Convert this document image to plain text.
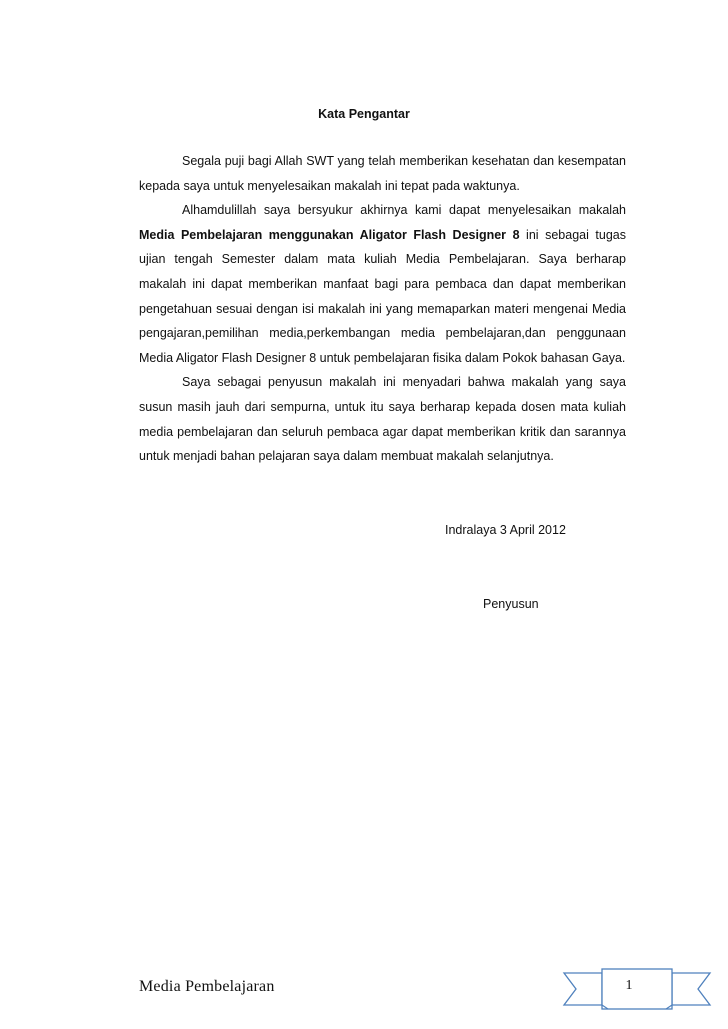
Kata Pengantar

Segala puji bagi Allah SWT yang telah memberikan kesehatan dan kesempatan kepada saya untuk menyelesaikan makalah ini tepat pada waktunya.

Alhamdulillah saya bersyukur akhirnya kami dapat menyelesaikan makalah Media Pembelajaran menggunakan Aligator Flash Designer 8 ini sebagai tugas ujian tengah Semester dalam mata kuliah Media Pembelajaran. Saya berharap makalah ini dapat memberikan manfaat bagi para pembaca dan dapat memberikan pengetahuan sesuai dengan isi makalah ini yang memaparkan materi mengenai Media pengajaran,pemilihan media,perkembangan media pembelajaran,dan penggunaan Media Aligator Flash Designer 8 untuk pembelajaran fisika dalam Pokok bahasan Gaya.

Saya sebagai penyusun makalah ini menyadari bahwa makalah yang saya susun masih jauh dari sempurna, untuk itu saya berharap kepada dosen mata kuliah media pembelajaran dan seluruh pembaca agar dapat memberikan kritik dan sarannya untuk menjadi bahan pelajaran saya dalam membuat makalah selanjutnya.

Indralaya 3 April 2012
Penyusun
Media Pembelajaran	1
